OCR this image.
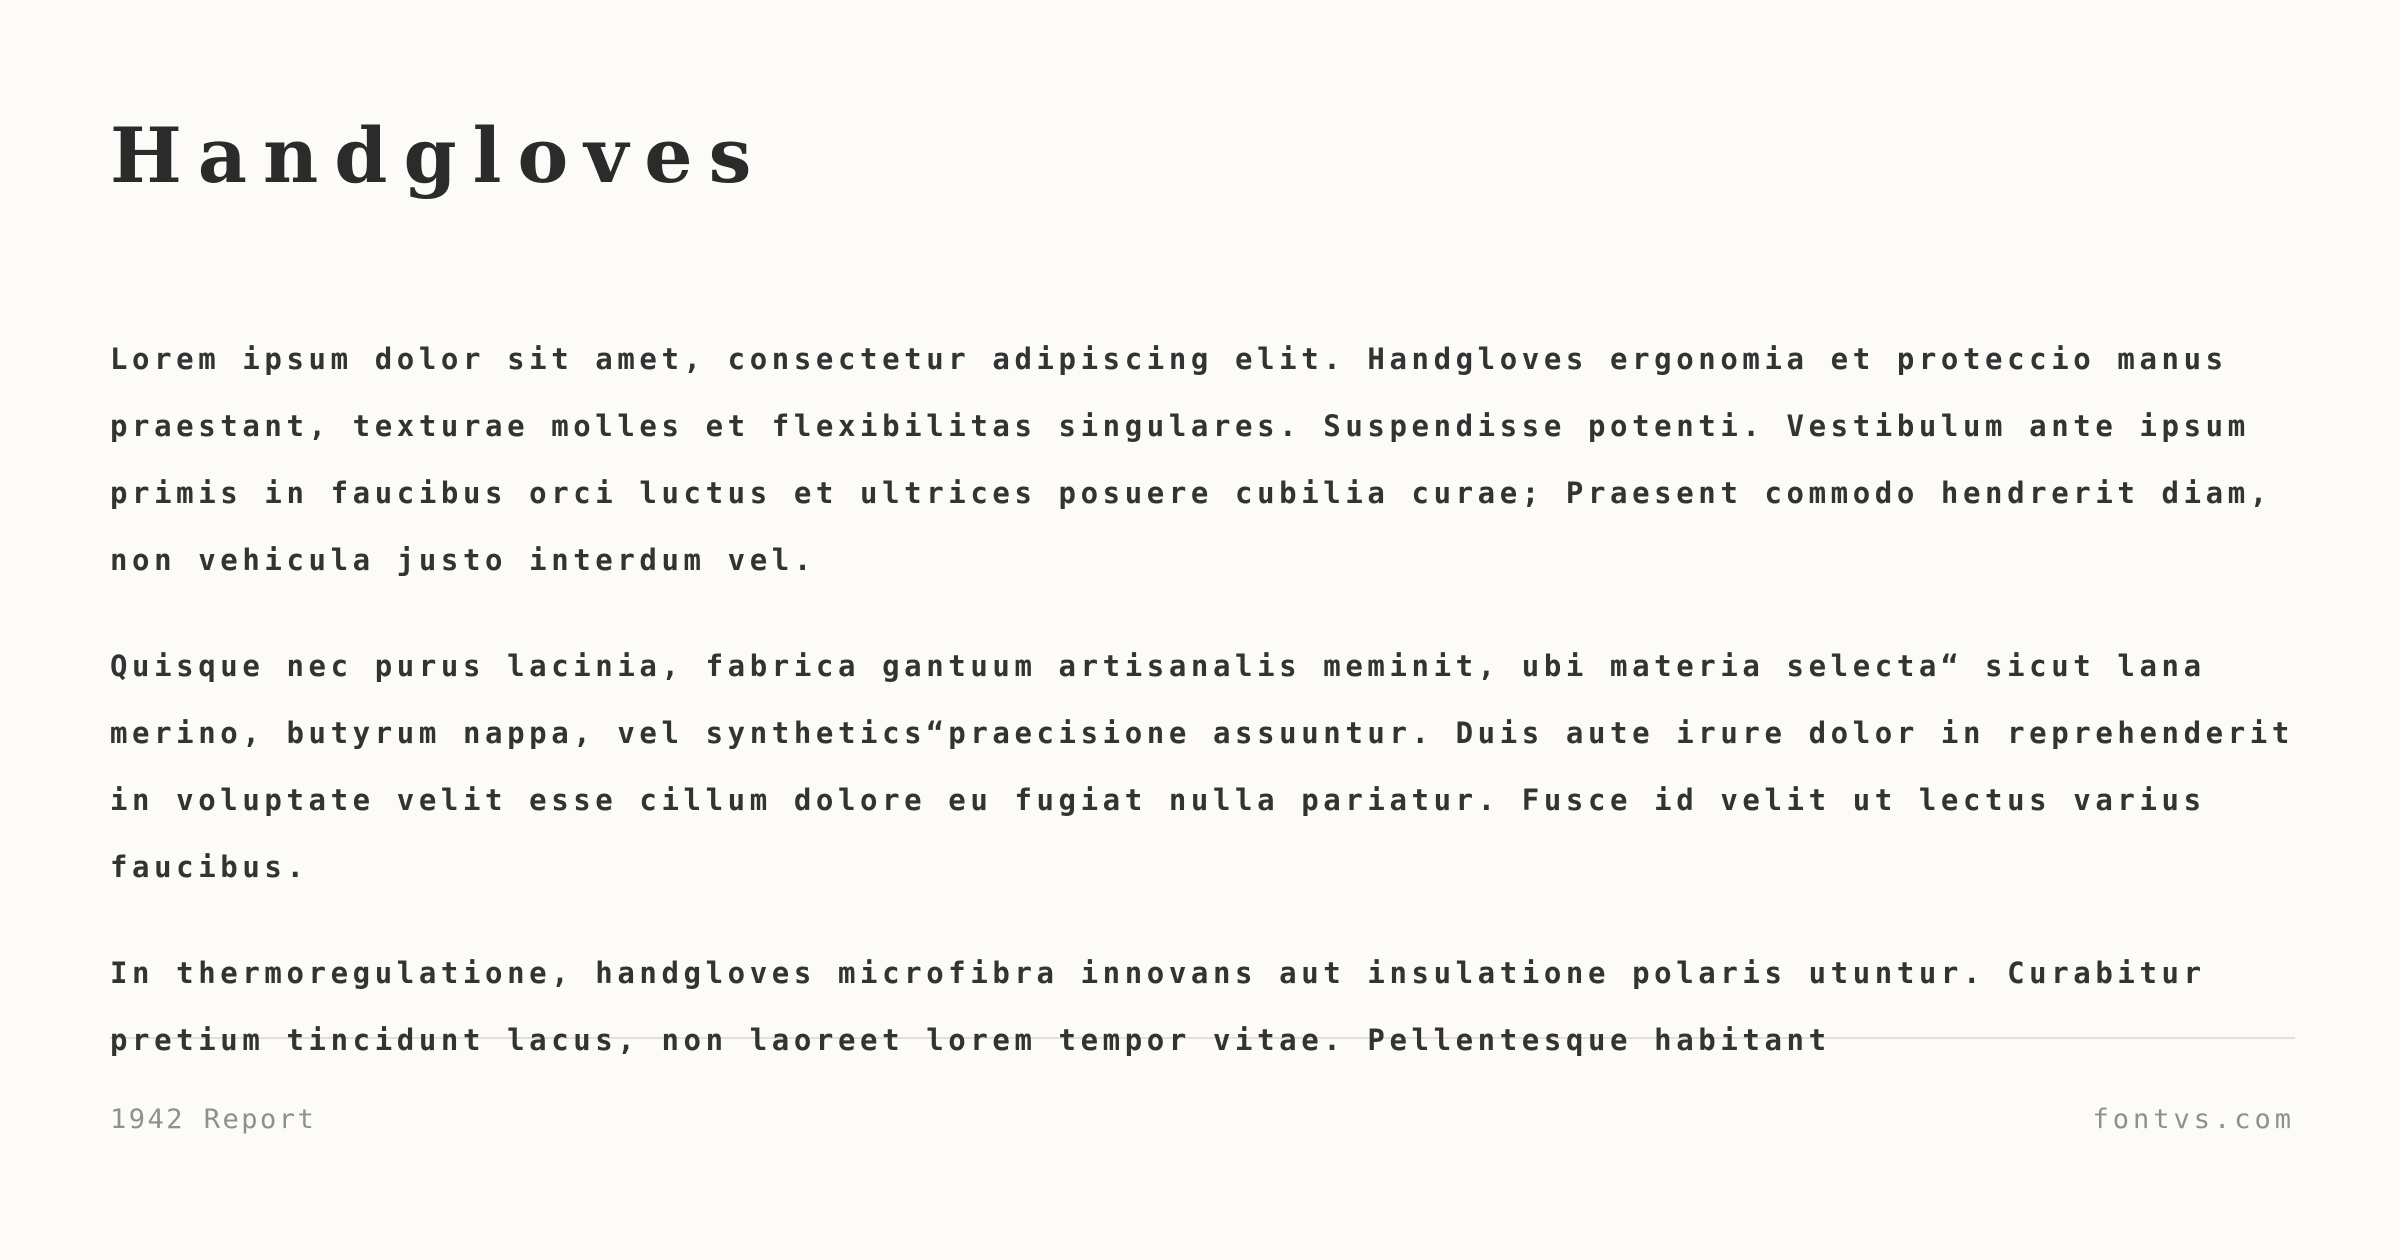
Handgloves

Lorem ipsum dolor sit amet, consectetur adipiscing elit. Handgloves ergonomia et proteccio manus praestant, texturae molles et flexibilitas singulares. Suspendisse potenti. Vestibulum ante ipsum primis in faucibus orci luctus et ultrices posuere cubilia curae; Praesent commodo hendrerit diam, non vehicula justo interdum vel.

Quisque nec purus lacinia, fabrica gantuum artisanalis meminit, ubi materia selecta“ sicut lana merino, butyrum nappa, vel synthetics“praecisione assuuntur. Duis aute irure dolor in reprehenderit in voluptate velit esse cillum dolore eu fugiat nulla pariatur. Fusce id velit ut lectus varius faucibus.

In thermoregulatione, handgloves microfibra innovans aut insulatione polaris utuntur. Curabitur pretium tincidunt lacus, non laoreet lorem tempor vitae. Pellentesque habitant

1942 Report	fontvs.com
